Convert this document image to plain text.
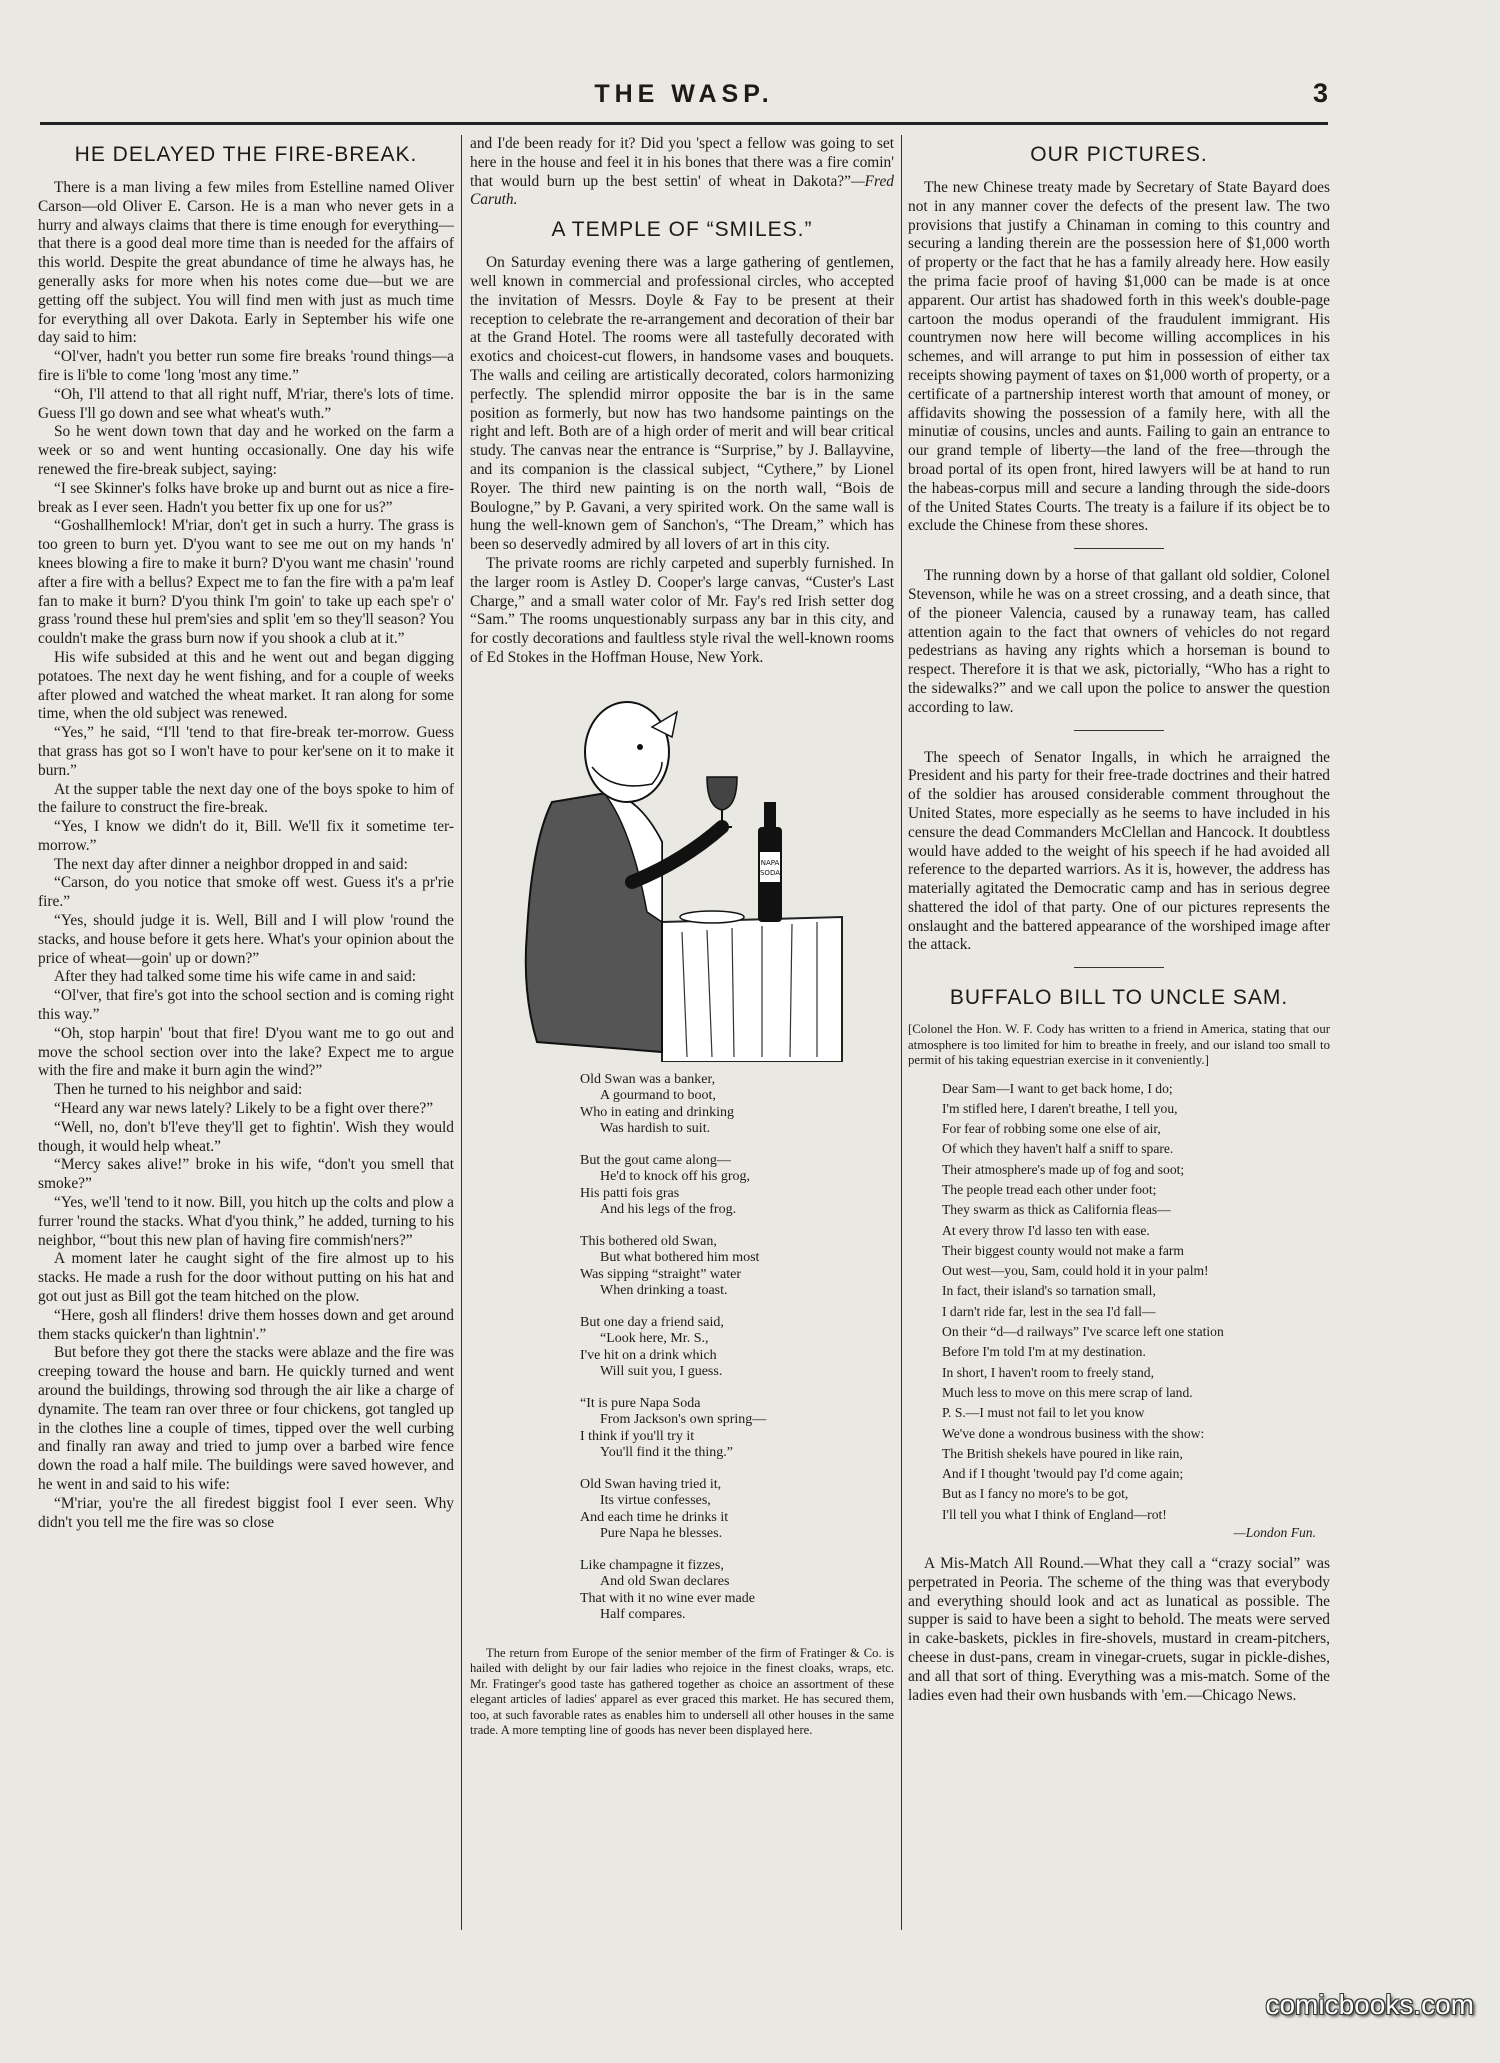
THE WASP.	3
HE DELAYED THE FIRE-BREAK.

There is a man living a few miles from Estelline named Oliver Carson—old Oliver E. Carson. He is a man who never gets in a hurry and always claims that there is time enough for everything—that there is a good deal more time than is needed for the affairs of this world. Despite the great abundance of time he always has, he generally asks for more when his notes come due—but we are getting off the subject. You will find men with just as much time for everything all over Dakota. Early in September his wife one day said to him:

“Ol'ver, hadn't you better run some fire breaks 'round things—a fire is li'ble to come 'long 'most any time.”

“Oh, I'll attend to that all right nuff, M'riar, there's lots of time. Guess I'll go down and see what wheat's wuth.”

So he went down town that day and he worked on the farm a week or so and went hunting occasionally. One day his wife renewed the fire-break subject, saying:

“I see Skinner's folks have broke up and burnt out as nice a fire-break as I ever seen. Hadn't you better fix up one for us?”

“Goshallhemlock! M'riar, don't get in such a hurry. The grass is too green to burn yet. D'you want to see me out on my hands 'n' knees blowing a fire to make it burn? D'you want me chasin' 'round after a fire with a bellus? Expect me to fan the fire with a pa'm leaf fan to make it burn? D'you think I'm goin' to take up each spe'r o' grass 'round these hul prem'sies and split 'em so they'll season? You couldn't make the grass burn now if you shook a club at it.”

His wife subsided at this and he went out and began digging potatoes. The next day he went fishing, and for a couple of weeks after plowed and watched the wheat market. It ran along for some time, when the old subject was renewed.

“Yes,” he said, “I'll 'tend to that fire-break ter-morrow. Guess that grass has got so I won't have to pour ker'sene on it to make it burn.”

At the supper table the next day one of the boys spoke to him of the failure to construct the fire-break.

“Yes, I know we didn't do it, Bill. We'll fix it sometime ter-morrow.”

The next day after dinner a neighbor dropped in and said:

“Carson, do you notice that smoke off west. Guess it's a pr'rie fire.”

“Yes, should judge it is. Well, Bill and I will plow 'round the stacks, and house before it gets here. What's your opinion about the price of wheat—goin' up or down?”

After they had talked some time his wife came in and said:

“Ol'ver, that fire's got into the school section and is coming right this way.”

“Oh, stop harpin' 'bout that fire! D'you want me to go out and move the school section over into the lake? Expect me to argue with the fire and make it burn agin the wind?”

Then he turned to his neighbor and said:

“Heard any war news lately? Likely to be a fight over there?”

“Well, no, don't b'l'eve they'll get to fightin'. Wish they would though, it would help wheat.”

“Mercy sakes alive!” broke in his wife, “don't you smell that smoke?”

“Yes, we'll 'tend to it now. Bill, you hitch up the colts and plow a furrer 'round the stacks. What d'you think,” he added, turning to his neighbor, “'bout this new plan of having fire commish'ners?”

A moment later he caught sight of the fire almost up to his stacks. He made a rush for the door without putting on his hat and got out just as Bill got the team hitched on the plow.

“Here, gosh all flinders! drive them hosses down and get around them stacks quicker'n than lightnin'.”

But before they got there the stacks were ablaze and the fire was creeping toward the house and barn. He quickly turned and went around the buildings, throwing sod through the air like a charge of dynamite. The team ran over three or four chickens, got tangled up in the clothes line a couple of times, tipped over the well curbing and finally ran away and tried to jump over a barbed wire fence down the road a half mile. The buildings were saved however, and he went in and said to his wife:

“M'riar, you're the all firedest biggist fool I ever seen. Why didn't you tell me the fire was so close

and I'de been ready for it? Did you 'spect a fellow was going to set here in the house and feel it in his bones that there was a fire comin' that would burn up the best settin' of wheat in Dakota?”—Fred Caruth.

A TEMPLE OF “SMILES.”

On Saturday evening there was a large gathering of gentlemen, well known in commercial and professional circles, who accepted the invitation of Messrs. Doyle & Fay to be present at their reception to celebrate the re-arrangement and decoration of their bar at the Grand Hotel. The rooms were all tastefully decorated with exotics and choicest-cut flowers, in handsome vases and bouquets. The walls and ceiling are artistically decorated, colors harmonizing perfectly. The splendid mirror opposite the bar is in the same position as formerly, but now has two handsome paintings on the right and left. Both are of a high order of merit and will bear critical study. The canvas near the entrance is “Surprise,” by J. Ballayvine, and its companion is the classical subject, “Cythere,” by Lionel Royer. The third new painting is on the north wall, “Bois de Boulogne,” by P. Gavani, a very spirited work. On the same wall is hung the well-known gem of Sanchon's, “The Dream,” which has been so deservedly admired by all lovers of art in this city.

The private rooms are richly carpeted and superbly furnished. In the larger room is Astley D. Cooper's large canvas, “Custer's Last Charge,” and a small water color of Mr. Fay's red Irish setter dog “Sam.” The rooms unquestionably surpass any bar in this city, and for costly decorations and faultless style rival the well-known rooms of Ed Stokes in the Hoffman House, New York.

NAPA
SODA
Old Swan was a banker,
A gourmand to boot,
Who in eating and drinking
Was hardish to suit.
But the gout came along—
He'd to knock off his grog,
His patti fois gras
And his legs of the frog.
This bothered old Swan,
But what bothered him most
Was sipping “straight” water
When drinking a toast.
But one day a friend said,
“Look here, Mr. S.,
I've hit on a drink which
Will suit you, I guess.
“It is pure Napa Soda
From Jackson's own spring—
I think if you'll try it
You'll find it the thing.”
Old Swan having tried it,
Its virtue confesses,
And each time he drinks it
Pure Napa he blesses.
Like champagne it fizzes,
And old Swan declares
That with it no wine ever made
Half compares.

The return from Europe of the senior member of the firm of Fratinger & Co. is hailed with delight by our fair ladies who rejoice in the finest cloaks, wraps, etc. Mr. Fratinger's good taste has gathered together as choice an assortment of these elegant articles of ladies' apparel as ever graced this market. He has secured them, too, at such favorable rates as enables him to undersell all other houses in the same trade. A more tempting line of goods has never been displayed here.

OUR PICTURES.

The new Chinese treaty made by Secretary of State Bayard does not in any manner cover the defects of the present law. The two provisions that justify a Chinaman in coming to this country and securing a landing therein are the possession here of $1,000 worth of property or the fact that he has a family already here. How easily the prima facie proof of having $1,000 can be made is at once apparent. Our artist has shadowed forth in this week's double-page cartoon the modus operandi of the fraudulent immigrant. His countrymen now here will become willing accomplices in his schemes, and will arrange to put him in possession of either tax receipts showing payment of taxes on $1,000 worth of property, or a certificate of a partnership interest worth that amount of money, or affidavits showing the possession of a family here, with all the minutiæ of cousins, uncles and aunts. Failing to gain an entrance to our grand temple of liberty—the land of the free—through the broad portal of its open front, hired lawyers will be at hand to run the habeas-corpus mill and secure a landing through the side-doors of the United States Courts. The treaty is a failure if its object be to exclude the Chinese from these shores.

The running down by a horse of that gallant old soldier, Colonel Stevenson, while he was on a street crossing, and a death since, that of the pioneer Valencia, caused by a runaway team, has called attention again to the fact that owners of vehicles do not regard pedestrians as having any rights which a horseman is bound to respect. Therefore it is that we ask, pictorially, “Who has a right to the sidewalks?” and we call upon the police to answer the question according to law.

The speech of Senator Ingalls, in which he arraigned the President and his party for their free-trade doctrines and their hatred of the soldier has aroused considerable comment throughout the United States, more especially as he seems to have included in his censure the dead Commanders McClellan and Hancock. It doubtless would have added to the weight of his speech if he had avoided all reference to the departed warriors. As it is, however, the address has materially agitated the Democratic camp and has in serious degree shattered the idol of that party. One of our pictures represents the onslaught and the battered appearance of the worshiped image after the attack.

BUFFALO BILL TO UNCLE SAM.
[Colonel the Hon. W. F. Cody has written to a friend in America, stating that our atmosphere is too limited for him to breathe in freely, and our island too small to permit of his taking equestrian exercise in it conveniently.]
Dear Sam—I want to get back home, I do;
I'm stifled here, I daren't breathe, I tell you,
For fear of robbing some one else of air,
Of which they haven't half a sniff to spare.
Their atmosphere's made up of fog and soot;
The people tread each other under foot;
They swarm as thick as California fleas—
At every throw I'd lasso ten with ease.
Their biggest county would not make a farm
Out west—you, Sam, could hold it in your palm!
In fact, their island's so tarnation small,
I darn't ride far, lest in the sea I'd fall—
On their “d—d railways” I've scarce left one station
Before I'm told I'm at my destination.
In short, I haven't room to freely stand,
Much less to move on this mere scrap of land.
P. S.—I must not fail to let you know
We've done a wondrous business with the show:
The British shekels have poured in like rain,
And if I thought 'twould pay I'd come again;
But as I fancy no more's to be got,
I'll tell you what I think of England—rot!
—London Fun.

A Mis-Match All Round.—What they call a “crazy social” was perpetrated in Peoria. The scheme of the thing was that everybody and everything should look and act as lunatical as possible. The supper is said to have been a sight to behold. The meats were served in cake-baskets, pickles in fire-shovels, mustard in cream-pitchers, cheese in dust-pans, cream in vinegar-cruets, sugar in pickle-dishes, and all that sort of thing. Everything was a mis-match. Some of the ladies even had their own husbands with 'em.—Chicago News.

comicbooks.com
